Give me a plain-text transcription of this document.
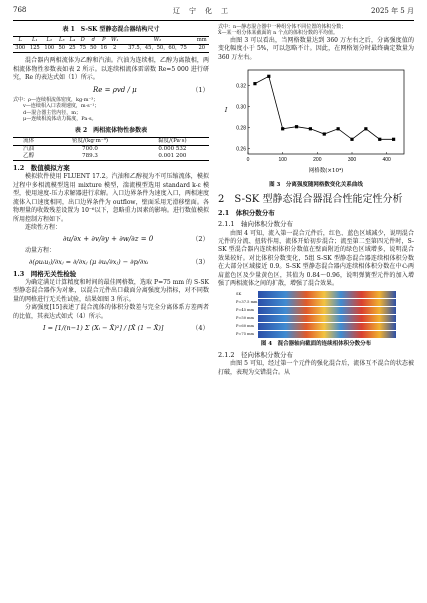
768	辽　宁　化　工	2025 年 5 月
表 1　S-SK 型静态混合器结构尺寸
L	L₁	L₂	L₃	L₄	D	d	P	W₁	W₂	mm
300	125	100	50	25	75	50	16	2	37.5，45，50，60，75	20

混合器内两相流体为乙醇和汽油。汽油为连续相，乙醇为离散相，两相流体物性参数表如表 2 所示。以连续相流体雷诺数 Re=5 000 进行研究，Re 的表达式如（1）所示。

Re = ρvd / μ	（1）

式中：ρ—连续相流体密度，kg·m⁻³；

　　v—连续相入口表观速度，m·s⁻¹；

　　d—混合器主管内径，m；

　　μ—连续相流体动力黏度，Pa·s。

表 2　两相流体物性参数表
流体	密度/(kg·m⁻³)	黏度/(Pa·s)
汽油	700.0	0.000 532
乙醇	789.3	0.001 200
1.2　数值模拟方案

模拟软件使用 FLUENT 17.2。汽油和乙醇视为不可压缩流体，模拟过程中多相流模型选用 mixture 模型，湍流模型选用 standard k-ε 模型，使用速度-压力求解器进行求解。入口边界条件为速度入口，两相速度流体入口速度相同，出口边界条件为 outflow，壁面采用无滑移壁面。各物理量的收敛残差设置为 10⁻⁶以下，忽略重力因素的影响。进行数值模拟所用控制方程如下。

连续性方程：

∂u/∂x + ∂v/∂y + ∂w/∂z = 0	（2）

动量方程：

∂(ρuᵢuⱼ)/∂xⱼ = ∂/∂xⱼ (μ ∂uᵢ/∂xⱼ) − ∂p/∂xᵢ	（3）
1.3　网格无关性检验

为确定满足计算精度和时间的最佳网格数，选取 P=75 mm 的 S-SK 型静态混合器作为对象，以混合元件出口截面分离强度为指标，对不同数量的网格进行无关性试验，结果如图 3 所示。

分离强度[15]表述了混合流体的体积分数差与完全分离体系方差两者的比值，其表达式如式（4）所示。

I = [1/(n−1) Σ (Xᵢ − X̄)²] / [X̄ (1 − X̄)]	（4）

式中：n—静态混合器中一种组分体不同位置的体积分数；

X̄—某一组分体某截面的 n 个点的体积分数的平均值。

由图 3 可以看出，当网格数量达到 360 万左右之后，分离强度值的变化幅度小于 5%，可以忽略不计。因此，在网格划分时最终确定数量为 360 万左右。

0	100	200	300	400
0.26
0.28
0.30
0.32
网格数(×10⁴)
I
图 3　分离强度随网格数变化关系曲线
2　S-SK 型静态混合器混合性能定性分析
2.1　体积分数分布
2.1.1　轴向体积分数分布

由图 4 可知，流入第一混合元件后，红色、蓝色区域减少，说明混合元件的分流、扭转作用，流体开始初步混合；流至第二至第四元件时，S-SK 型混合器内连续相体积分数值在壁面附近的绿色区域增多，说明混合效果较好。对比体积分数变化，5组 S-SK 型静态混合器连续相体积分数在大部分区域接近 0.9。S-SK 型静态混合器内连续相体积分数在中心两肩蓝色区及少量黄色区，其值为 0.84～0.96，说明弹簧型元件的加入增强了两相流体之间的扩散，增强了混合效果。

SK
P=37.5 mm
P=45 mm
P=50 mm
P=60 mm
P=75 mm
图 4　混合器轴向截面的连续相体积分数分布
2.1.2　径向体积分数分布

由图 5 可知，经过第一个元件的强化混合后，流体互不混合的状态被打破，表现为交错混合。从
